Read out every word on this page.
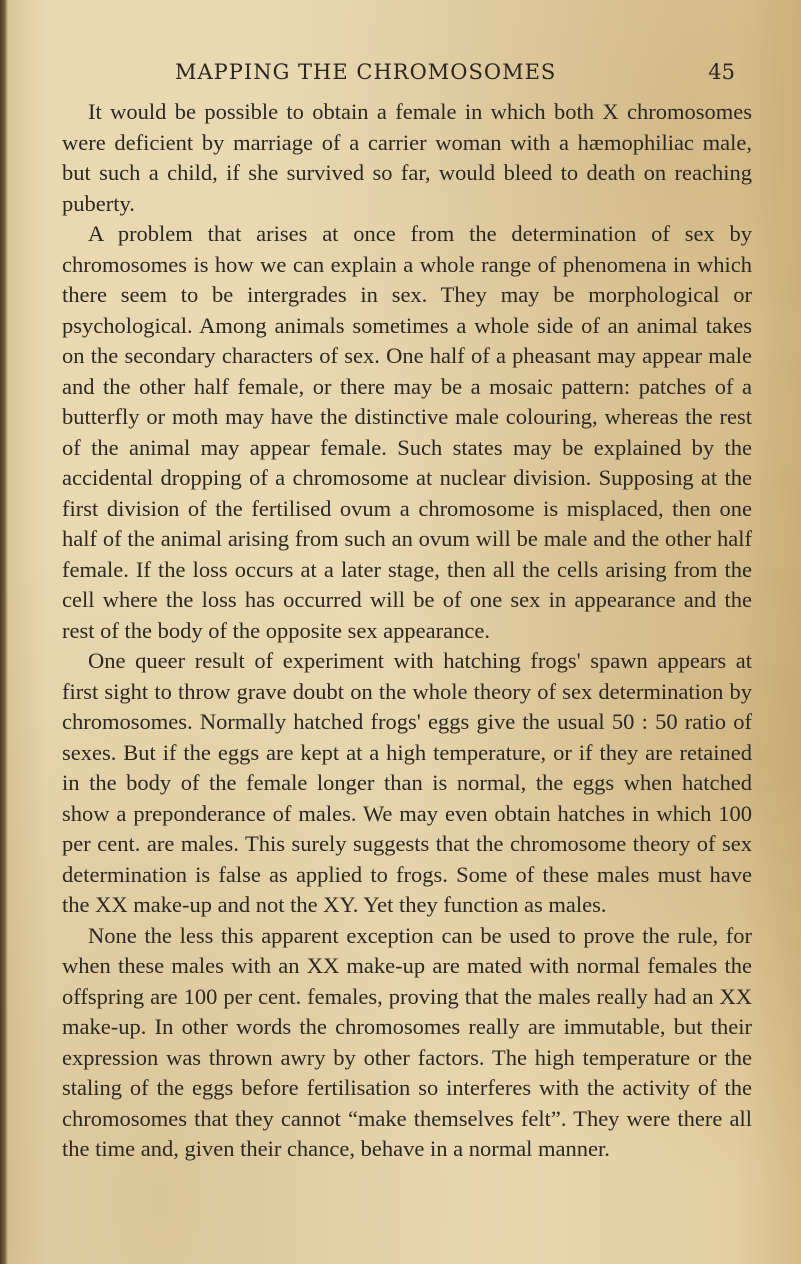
MAPPING THE CHROMOSOMES	45

It would be possible to obtain a female in which both X chromosomes were deficient by marriage of a carrier woman with a hæmophiliac male, but such a child, if she survived so far, would bleed to death on reaching puberty.

A problem that arises at once from the determination of sex by chromosomes is how we can explain a whole range of phenomena in which there seem to be intergrades in sex. They may be morphological or psychological. Among animals sometimes a whole side of an animal takes on the secondary characters of sex. One half of a pheasant may appear male and the other half female, or there may be a mosaic pattern: patches of a butterfly or moth may have the distinctive male colouring, whereas the rest of the animal may appear female. Such states may be explained by the accidental dropping of a chromosome at nuclear division. Supposing at the first division of the fertilised ovum a chromosome is misplaced, then one half of the animal arising from such an ovum will be male and the other half female. If the loss occurs at a later stage, then all the cells arising from the cell where the loss has occurred will be of one sex in appearance and the rest of the body of the opposite sex appearance.

One queer result of experiment with hatching frogs' spawn appears at first sight to throw grave doubt on the whole theory of sex determination by chromosomes. Normally hatched frogs' eggs give the usual 50 : 50 ratio of sexes. But if the eggs are kept at a high temperature, or if they are retained in the body of the female longer than is normal, the eggs when hatched show a preponderance of males. We may even obtain hatches in which 100 per cent. are males. This surely suggests that the chromosome theory of sex determination is false as applied to frogs. Some of these males must have the XX make-up and not the XY. Yet they function as males.

None the less this apparent exception can be used to prove the rule, for when these males with an XX make-up are mated with normal females the offspring are 100 per cent. females, proving that the males really had an XX make-up. In other words the chromosomes really are immutable, but their expression was thrown awry by other factors. The high temperature or the staling of the eggs before fertilisation so interferes with the activity of the chromosomes that they cannot “make themselves felt”. They were there all the time and, given their chance, behave in a normal manner.
